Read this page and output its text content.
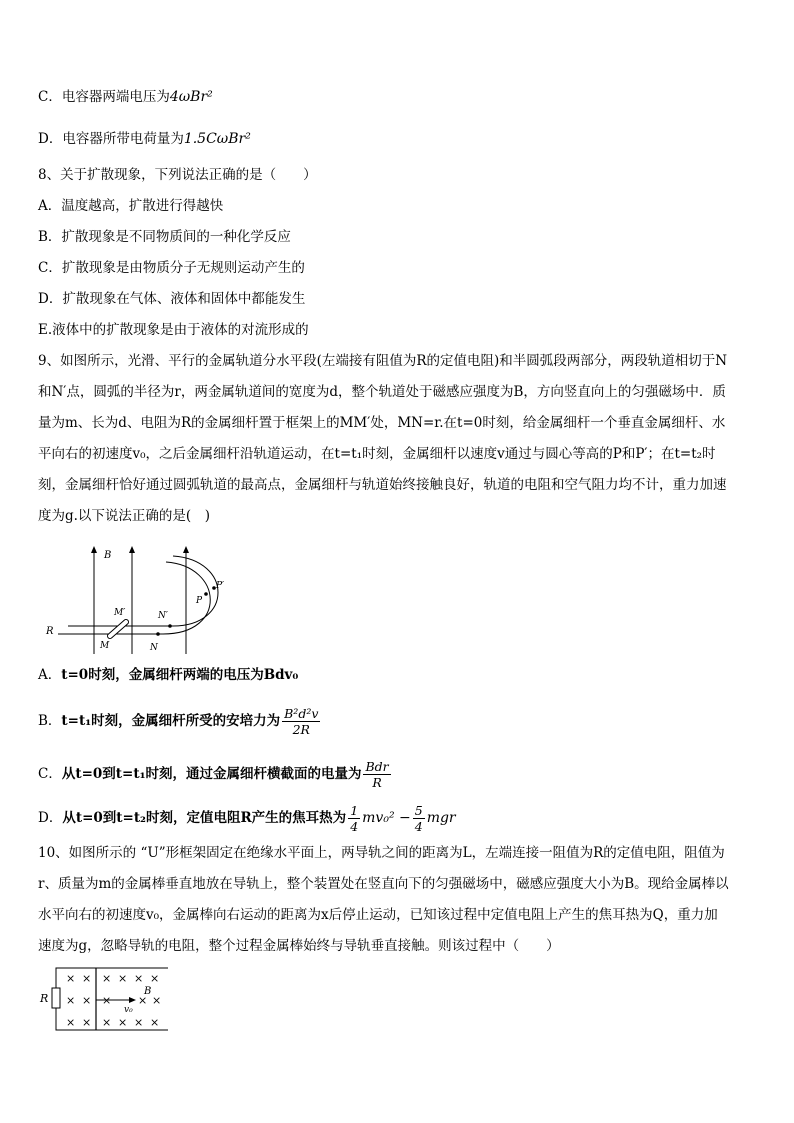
C．电容器两端电压为4ωBr²
D．电容器所带电荷量为1.5CωBr²
8、关于扩散现象，下列说法正确的是（　　）
A．温度越高，扩散进行得越快
B．扩散现象是不同物质间的一种化学反应
C．扩散现象是由物质分子无规则运动产生的
D．扩散现象在气体、液体和固体中都能发生
E.液体中的扩散现象是由于液体的对流形成的
9、如图所示，光滑、平行的金属轨道分水平段(左端接有阻值为R的定值电阻)和半圆弧段两部分，两段轨道相切于N
和N′点，圆弧的半径为r，两金属轨道间的宽度为d，整个轨道处于磁感应强度为B，方向竖直向上的匀强磁场中．质
量为m、长为d、电阻为R的金属细杆置于框架上的MM′处，MN=r.在t=0时刻，给金属细杆一个垂直金属细杆、水
平向右的初速度v₀，之后金属细杆沿轨道运动，在t=t₁时刻，金属细杆以速度v通过与圆心等高的P和P′；在t=t₂时
刻，金属细杆恰好通过圆弧轨道的最高点，金属细杆与轨道始终接触良好，轨道的电阻和空气阻力均不计，重力加速
度为g.以下说法正确的是(　)
B
R
M′
M
N′
N
P
P′
A．t=0时刻，金属细杆两端的电压为Bdv₀
B．t=t₁时刻，金属细杆所受的安培力为 $\frac{\text{B²d²v}}{2R}$
C．从t=0到t=t₁时刻，通过金属细杆横截面的电量为 $\frac{\text{Bdr}}{R}$
D．从t=0到t=t₂时刻，定值电阻R产生的焦耳热为 $\frac{1}{4} mv_0^2 - \frac{5}{4}$ mgr
10、如图所示的 “U”形框架固定在绝缘水平面上，两导轨之间的距离为L，左端连接一阻值为R的定值电阻，阻值为
r、质量为m的金属棒垂直地放在导轨上，整个装置处在竖直向下的匀强磁场中，磁感应强度大小为B。现给金属棒以
水平向右的初速度v₀，金属棒向右运动的距离为x后停止运动，已知该过程中定值电阻上产生的焦耳热为Q，重力加
速度为g，忽略导轨的电阻，整个过程金属棒始终与导轨垂直接触。则该过程中（　　）
R
v₀
B
× × × × × ×
× × × × ×
× × × × × ×
